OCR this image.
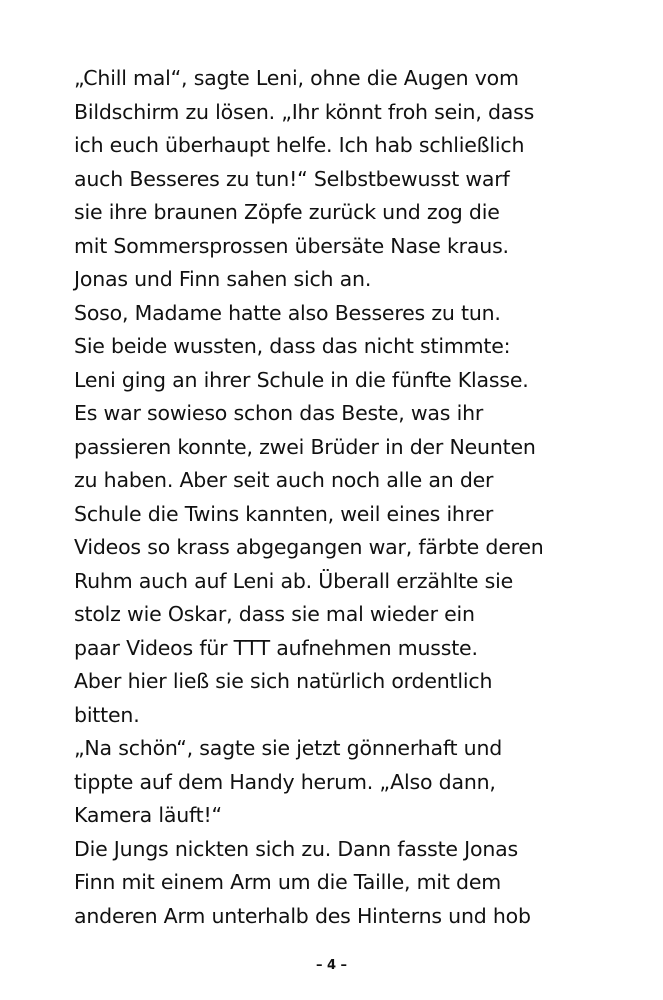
„Chill mal“, sagte Leni, ohne die Augen vom
Bildschirm zu lösen. „Ihr könnt froh sein, dass
ich euch überhaupt helfe. Ich hab schließlich
auch Besseres zu tun!“ Selbstbewusst warf
sie ihre braunen Zöpfe zurück und zog die
mit Sommersprossen übersäte Nase kraus.
Jonas und Finn sahen sich an.
Soso, Madame hatte also Besseres zu tun.
Sie beide wussten, dass das nicht stimmte:
Leni ging an ihrer Schule in die fünfte Klasse.
Es war sowieso schon das Beste, was ihr
passieren konnte, zwei Brüder in der Neunten
zu haben. Aber seit auch noch alle an der
Schule die Twins kannten, weil eines ihrer
Videos so krass abgegangen war, färbte deren
Ruhm auch auf Leni ab. Überall erzählte sie
stolz wie Oskar, dass sie mal wieder ein
paar Videos für TTT aufnehmen musste.
Aber hier ließ sie sich natürlich ordentlich
bitten.
„Na schön“, sagte sie jetzt gönnerhaft und
tippte auf dem Handy herum. „Also dann,
Kamera läuft!“
Die Jungs nickten sich zu. Dann fasste Jonas
Finn mit einem Arm um die Taille, mit dem
anderen Arm unterhalb des Hinterns und hob
– 4 –
